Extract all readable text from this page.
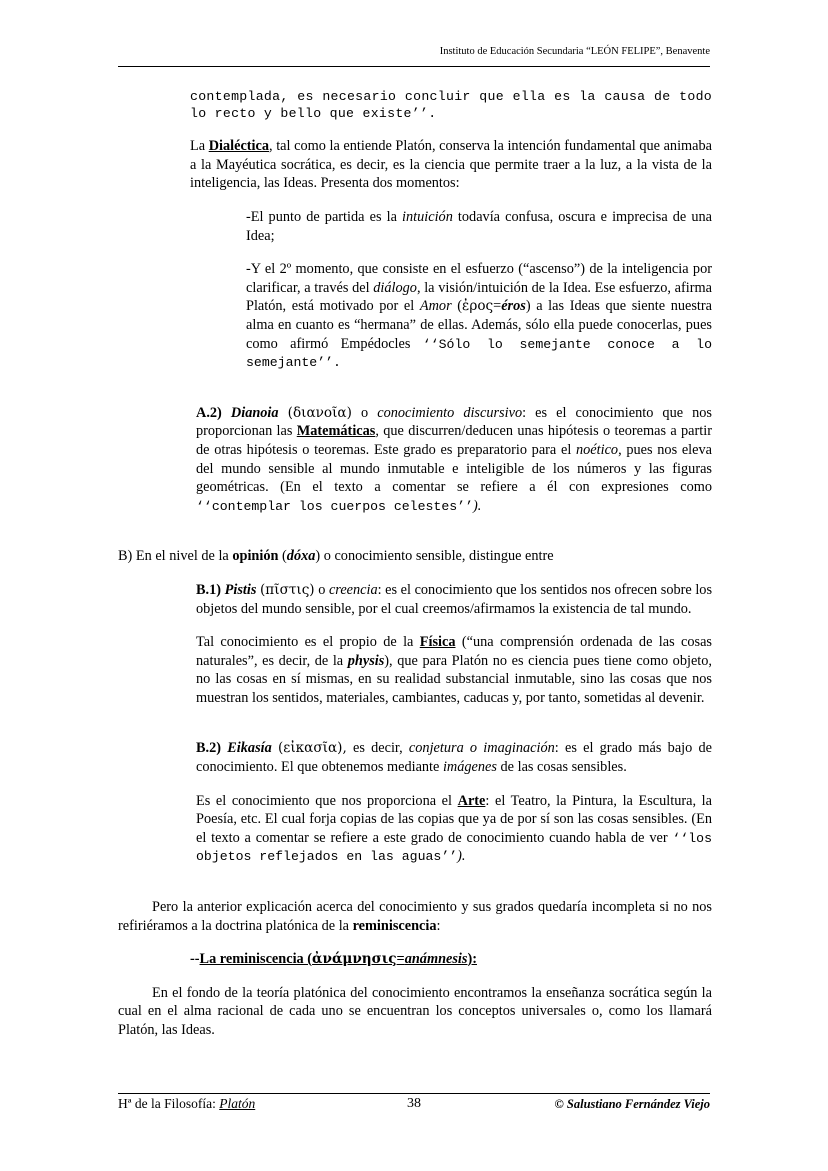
Instituto de Educación Secundaria “LEÓN FELIPE”, Benavente

contemplada, es necesario concluir que ella es la causa de todo lo recto y bello que existe’’.

La Dialéctica, tal como la entiende Platón, conserva la intención fundamental que animaba a la Mayéutica socrática, es decir, es la ciencia que permite traer a la luz, a la vista de la inteligencia, las Ideas. Presenta dos momentos:

-El punto de partida es la intuición todavía confusa, oscura e imprecisa de una Idea;

-Y el 2º momento, que consiste en el esfuerzo (“ascenso”) de la inteligencia por clarificar, a través del diálogo, la visión/intuición de la Idea. Ese esfuerzo, afirma Platón, está motivado por el Amor (ἐρος=éros) a las Ideas que siente nuestra alma en cuanto es “hermana” de ellas. Además, sólo ella puede conocerlas, pues como afirmó Empédocles ‘‘Sólo lo semejante conoce a lo semejante’’.

A.2) Dianoia (διανοῖα) o conocimiento discursivo: es el conocimiento que nos proporcionan las Matemáticas, que discurren/deducen unas hipótesis o teoremas a partir de otras hipótesis o teoremas. Este grado es preparatorio para el noético, pues nos eleva del mundo sensible al mundo inmutable e inteligible de los números y las figuras geométricas. (En el texto a comentar se refiere a él con expresiones como ‘‘contemplar los cuerpos celestes’’).

B) En el nivel de la opinión (dóxa) o conocimiento sensible, distingue entre

B.1) Pistis (πῖστις) o creencia: es el conocimiento que los sentidos nos ofrecen sobre los objetos del mundo sensible, por el cual creemos/afirmamos la existencia de tal mundo.

Tal conocimiento es el propio de la Física (“una comprensión ordenada de las cosas naturales”, es decir, de la physis), que para Platón no es ciencia pues tiene como objeto, no las cosas en sí mismas, en su realidad substancial inmutable, sino las cosas que nos muestran los sentidos, materiales, cambiantes, caducas y, por tanto, sometidas al devenir.

B.2) Eikasía (εἰκασῖα), es decir, conjetura o imaginación: es el grado más bajo de conocimiento. El que obtenemos mediante imágenes de las cosas sensibles.

Es el conocimiento que nos proporciona el Arte: el Teatro, la Pintura, la Escultura, la Poesía, etc. El cual forja copias de las copias que ya de por sí son las cosas sensibles. (En el texto a comentar se refiere a este grado de conocimiento cuando habla de ver ‘‘los objetos reflejados en las aguas’’).

Pero la anterior explicación acerca del conocimiento y sus grados quedaría incompleta si no nos refiriéramos a la doctrina platónica de la reminiscencia:

--La reminiscencia (ἀνάμνησις=anámnesis):

En el fondo de la teoría platónica del conocimiento encontramos la enseñanza socrática según la cual en el alma racional de cada uno se encuentran los conceptos universales o, como los llamará Platón, las Ideas.

Hª de la Filosofía: Platón	38	© Salustiano Fernández Viejo
